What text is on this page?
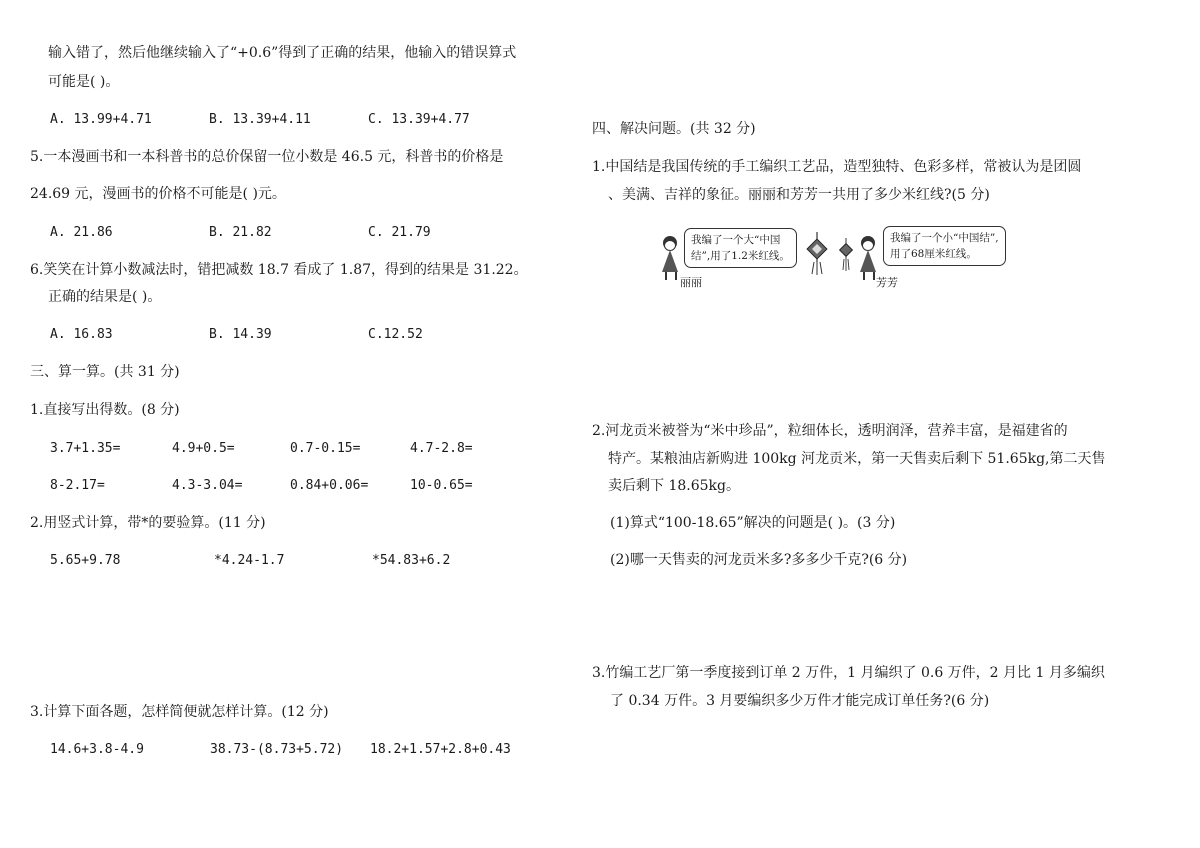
输入错了，然后他继续输入了“+0.6”得到了正确的结果，他输入的错误算式
可能是( )。
A. 13.99+4.71	B. 13.39+4.11	C. 13.39+4.77
5.一本漫画书和一本科普书的总价保留一位小数是 46.5 元，科普书的价格是
24.69 元，漫画书的价格不可能是( )元。
A. 21.86	B. 21.82	C. 21.79
6.笑笑在计算小数减法时，错把减数 18.7 看成了 1.87，得到的结果是 31.22。
正确的结果是( )。
A. 16.83	B. 14.39	C.12.52
三、算一算。(共 31 分)
1.直接写出得数。(8 分)
3.7+1.35=	4.9+0.5=	0.7-0.15=	4.7-2.8=
8-2.17=	4.3-3.04=	0.84+0.06=	10-0.65=
2.用竖式计算，带*的要验算。(11 分)
5.65+9.78	*4.24-1.7	*54.83+6.2
3.计算下面各题，怎样简便就怎样计算。(12 分)
14.6+3.8-4.9	38.73-(8.73+5.72) 18.2+1.57+2.8+0.43
四、解决问题。(共 32 分)
1.中国结是我国传统的手工编织工艺品，造型独特、色彩多样，常被认为是团圆
、美满、吉祥的象征。丽丽和芳芳一共用了多少米红线?(5 分)
丽丽
我编了一个大“中国
结”,用了1.2米红线。
芳芳
我编了一个小“中国结”,
用了68厘米红线。
2.河龙贡米被誉为“米中珍品”，粒细体长，透明润泽，营养丰富，是福建省的
特产。某粮油店新购进 100kg 河龙贡米，第一天售卖后剩下 51.65kg,第二天售
卖后剩下 18.65kg。
(1)算式“100-18.65”解决的问题是( )。(3 分)
(2)哪一天售卖的河龙贡米多?多多少千克?(6 分)
3.竹编工艺厂第一季度接到订单 2 万件，1 月编织了 0.6 万件，2 月比 1 月多编织
了 0.34 万件。3 月要编织多少万件才能完成订单任务?(6 分)
